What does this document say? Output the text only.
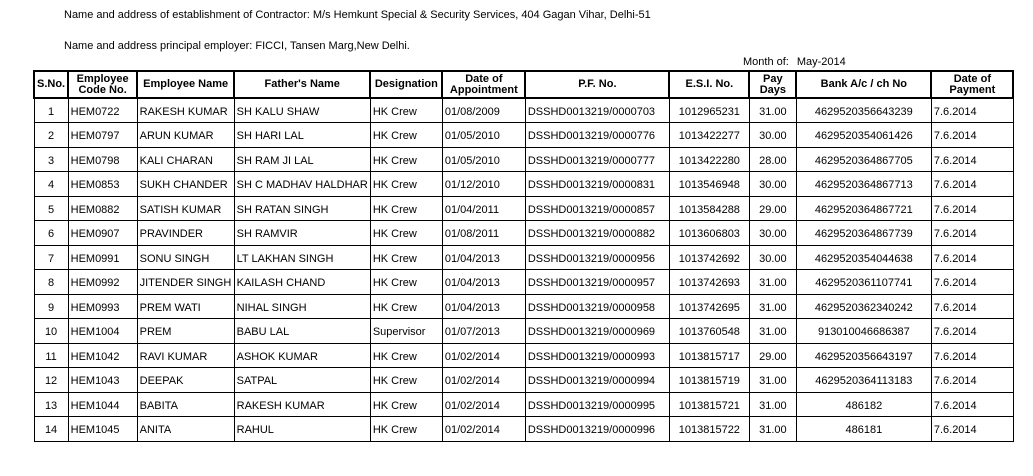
Name and address of establishment of Contractor: M/s Hemkunt Special & Security Services, 404 Gagan Vihar, Delhi-51
Name and address principal employer: FICCI, Tansen Marg,New Delhi.
Month of: May-2014
S.No.	Employee Code No.	Employee Name	Father's Name	Designation	Date of Appointment	P.F. No.	E.S.I. No.	Pay Days	Bank A/c / ch No	Date of Payment
1	HEM0722	RAKESH KUMAR	SH KALU SHAW	HK Crew	01/08/2009	DSSHD0013219/0000703	1012965231	31.00	4629520356643239	7.6.2014
2	HEM0797	ARUN KUMAR	SH HARI LAL	HK Crew	01/05/2010	DSSHD0013219/0000776	1013422277	30.00	4629520354061426	7.6.2014
3	HEM0798	KALI CHARAN	SH RAM JI LAL	HK Crew	01/05/2010	DSSHD0013219/0000777	1013422280	28.00	4629520364867705	7.6.2014
4	HEM0853	SUKH CHANDER	SH C MADHAV HALDHAR	HK Crew	01/12/2010	DSSHD0013219/0000831	1013546948	30.00	4629520364867713	7.6.2014
5	HEM0882	SATISH KUMAR	SH RATAN SINGH	HK Crew	01/04/2011	DSSHD0013219/0000857	1013584288	29.00	4629520364867721	7.6.2014
6	HEM0907	PRAVINDER	SH RAMVIR	HK Crew	01/08/2011	DSSHD0013219/0000882	1013606803	30.00	4629520364867739	7.6.2014
7	HEM0991	SONU SINGH	LT LAKHAN SINGH	HK Crew	01/04/2013	DSSHD0013219/0000956	1013742692	30.00	4629520354044638	7.6.2014
8	HEM0992	JITENDER SINGH	KAILASH CHAND	HK Crew	01/04/2013	DSSHD0013219/0000957	1013742693	31.00	4629520361107741	7.6.2014
9	HEM0993	PREM WATI	NIHAL SINGH	HK Crew	01/04/2013	DSSHD0013219/0000958	1013742695	31.00	4629520362340242	7.6.2014
10	HEM1004	PREM	BABU LAL	Supervisor	01/07/2013	DSSHD0013219/0000969	1013760548	31.00	913010046686387	7.6.2014
11	HEM1042	RAVI KUMAR	ASHOK KUMAR	HK Crew	01/02/2014	DSSHD0013219/0000993	1013815717	29.00	4629520356643197	7.6.2014
12	HEM1043	DEEPAK	SATPAL	HK Crew	01/02/2014	DSSHD0013219/0000994	1013815719	31.00	4629520364113183	7.6.2014
13	HEM1044	BABITA	RAKESH KUMAR	HK Crew	01/02/2014	DSSHD0013219/0000995	1013815721	31.00	486182	7.6.2014
14	HEM1045	ANITA	RAHUL	HK Crew	01/02/2014	DSSHD0013219/0000996	1013815722	31.00	486181	7.6.2014
